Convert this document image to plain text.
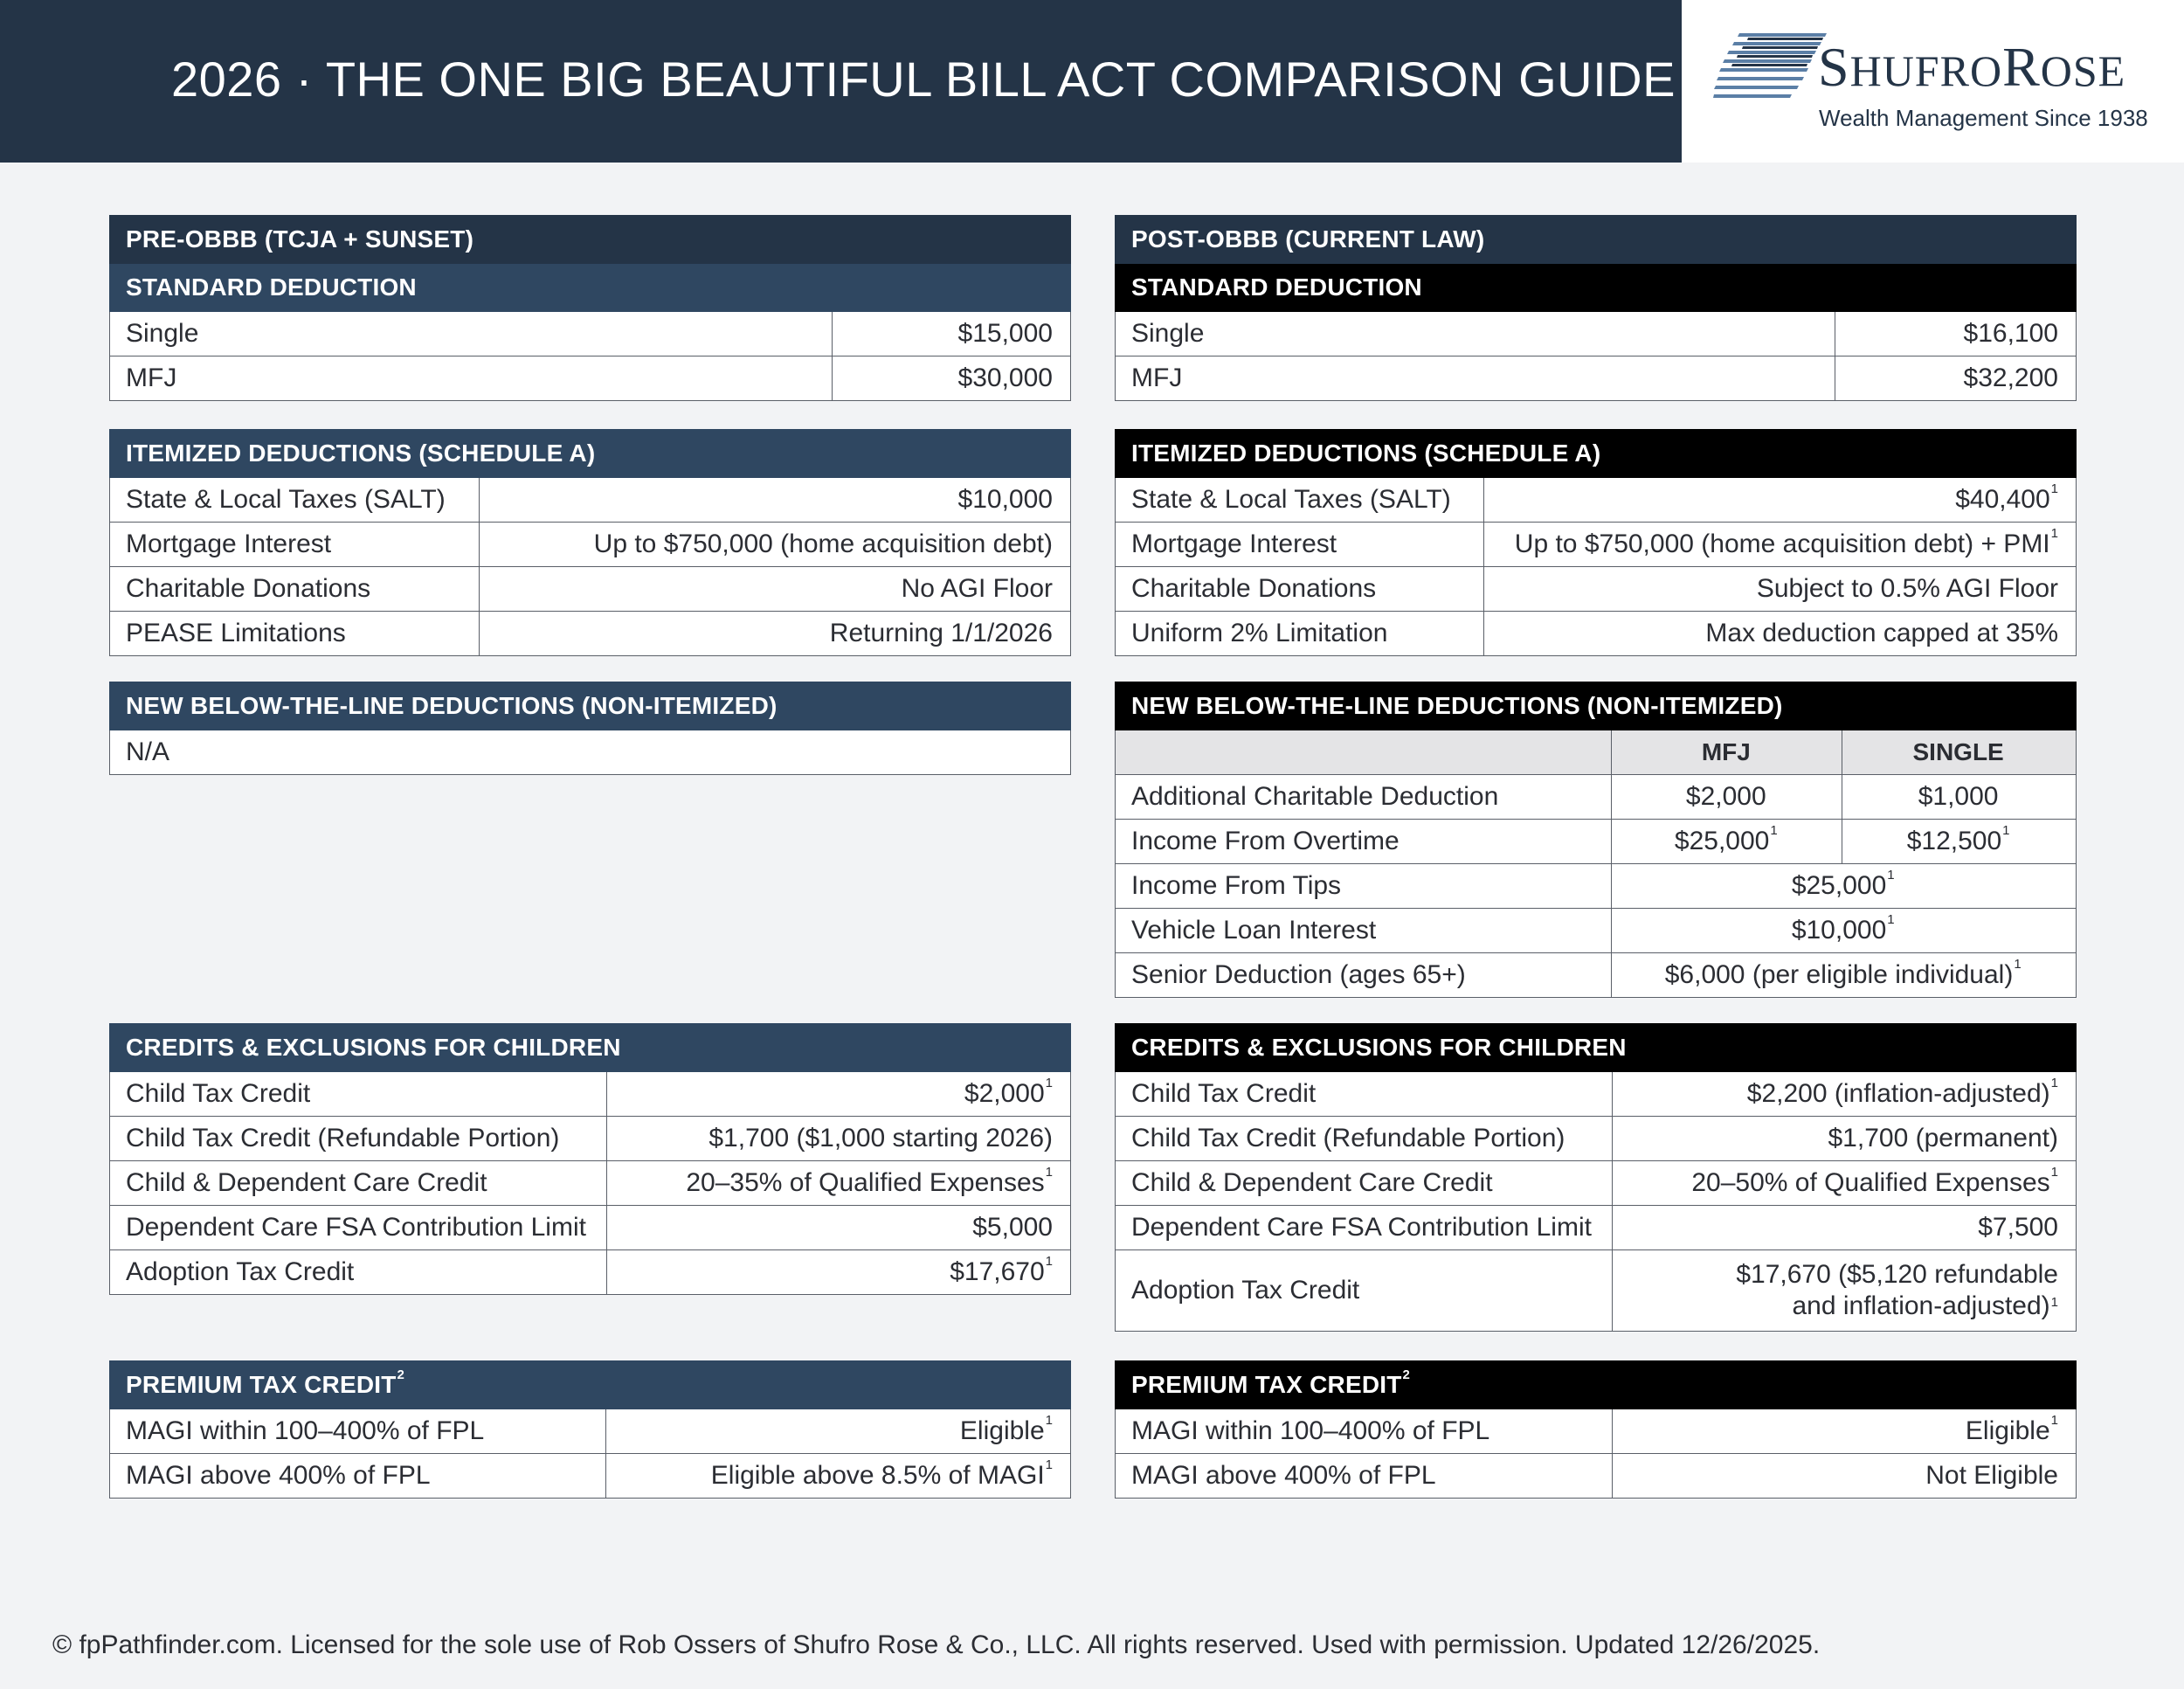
2026 · THE ONE BIG BEAUTIFUL BILL ACT COMPARISON GUIDE	SHUFROROSE
Wealth Management Since 1938
PRE-OBBB (TCJA + SUNSET)	
STANDARD DEDUCTION	
Single	$15,000
MFJ	$30,000
ITEMIZED DEDUCTIONS (SCHEDULE A)	
State & Local Taxes (SALT)	$10,000
Mortgage Interest	Up to $750,000 (home acquisition debt)
Charitable Donations	No AGI Floor
PEASE Limitations	Returning 1/1/2026
NEW BELOW-THE-LINE DEDUCTIONS (NON-ITEMIZED)
N/A
CREDITS & EXCLUSIONS FOR CHILDREN	
Child Tax Credit	$2,000$^1$
Child Tax Credit (Refundable Portion)	$1,700 ($1,000 starting 2026)
Child & Dependent Care Credit	20–35% of Qualified Expenses$^1$
Dependent Care FSA Contribution Limit	$5,000
Adoption Tax Credit	$17,670$^1$
PREMIUM TAX CREDIT$^2$
MAGI within 100–400% of FPL	Eligible$^1$
MAGI above 400% of FPL	Eligible above 8.5% of MAGI$^1$
POST-OBBB (CURRENT LAW)	
STANDARD DEDUCTION	
Single	$16,100
MFJ	$32,200
ITEMIZED DEDUCTIONS (SCHEDULE A)	
State & Local Taxes (SALT)	$40,400$^1$
Mortgage Interest	Up to $750,000 (home acquisition debt) + $PMI^1$
Charitable Donations	Subject to 0.5% AGI Floor
Uniform 2% Limitation	Max deduction capped at 35%
NEW BELOW-THE-LINE DEDUCTIONS (NON-ITEMIZED)		
	MFJ	SINGLE
Additional Charitable Deduction	$2,000	$1,000
Income From Overtime	$25,000$^1$	$12,500$^1$
Income From Tips	$25,000$^1$
Vehicle Loan Interest	$10,000$^1$
Senior Deduction (ages 65+)	$6,000 (per eligible individual)$^1$
CREDITS & EXCLUSIONS FOR CHILDREN	
Child Tax Credit	$2,200 (inflation-adjusted)$^1$
Child Tax Credit (Refundable Portion)	$1,700 (permanent)
Child & Dependent Care Credit	20–50% of Qualified Expenses$^1$
Dependent Care FSA Contribution Limit	$7,500
Adoption Tax Credit	$17,670 ($5,120 refundable
and inflation-adjusted)$^1$
PREMIUM TAX CREDIT$^2$
MAGI within 100–400% of FPL	Eligible$^1$
MAGI above 400% of FPL	Not Eligible
© fpPathfinder.com. Licensed for the sole use of Rob Ossers of Shufro Rose & Co., LLC. All rights reserved. Used with permission. Updated 12/26/2025.
